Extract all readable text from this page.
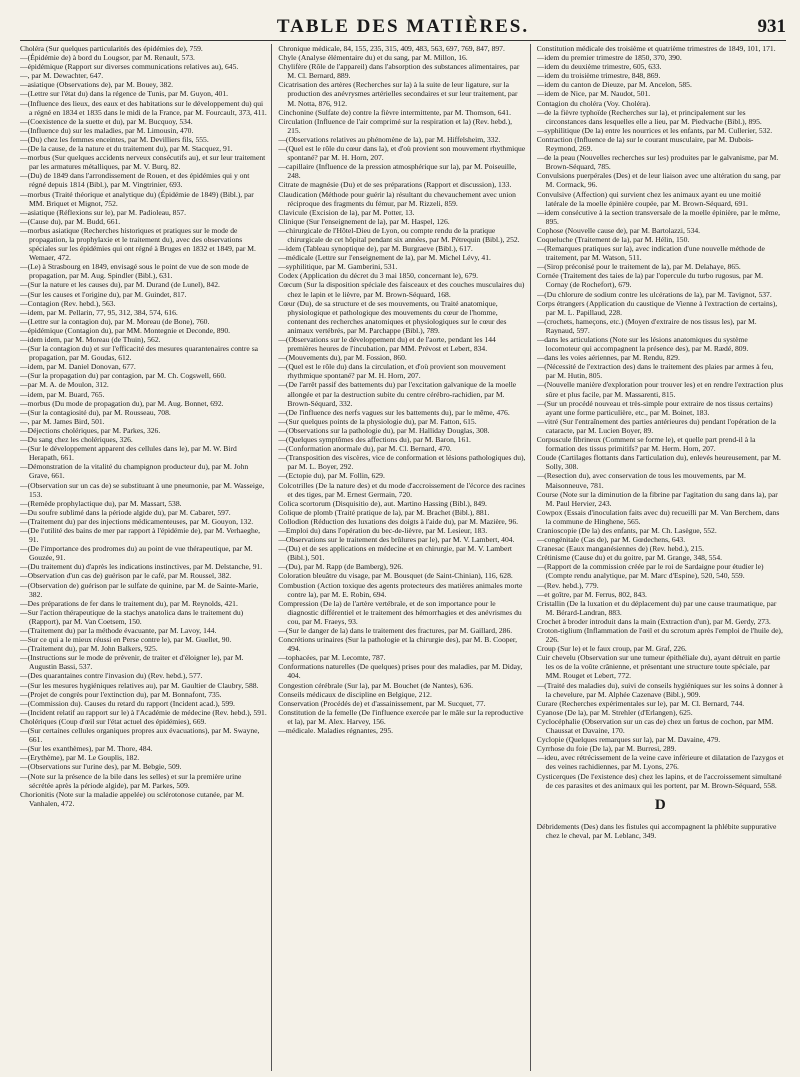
TABLE DES MATIÈRES.	931

Choléra (Sur quelques particularités des épidémies de), 759.

—(Épidémie de) à bord du Lougsor, par M. Renault, 573.

—épidémique (Rapport sur diverses communications relatives au), 645.

—, par M. Dewachter, 647.

—asiatique (Observations de), par M. Bouey, 382.

—(Lettre sur l'état du) dans la régence de Tunis, par M. Guyon, 401.

—(Influence des lieux, des eaux et des habitations sur le développement du) qui a régné en 1834 et 1835 dans le midi de la France, par M. Fourcault, 373, 411.

—(Coexistence de la suette et du), par M. Bucquoy, 534.

—(Influence du) sur les maladies, par M. Limousin, 470.

—(Du) chez les femmes enceintes, par M. Devilliers fils, 555.

—(De la cause, de la nature et du traitement du), par M. Stacquez, 91.

—morbus (Sur quelques accidents nerveux consécutifs au), et sur leur traitement par les armatures métalliques, par M. V. Burq, 82.

—(Du) de 1849 dans l'arrondissement de Rouen, et des épidémies qui y ont régné depuis 1814 (Bibl.), par M. Vingtrinier, 693.

—morbus (Traité théorique et analytique du) (Épidémie de 1849) (Bibl.), par MM. Briquet et Mignot, 752.

—asiatique (Réflexions sur le), par M. Padioleau, 857.

—(Cause du), par M. Budd, 661.

—morbus asiatique (Recherches historiques et pratiques sur le mode de propagation, la prophylaxie et le traitement du), avec des observations spéciales sur les épidémies qui ont régné à Bruges en 1832 et 1849, par M. Wemaer, 472.

—(Le) à Strasbourg en 1849, envisagé sous le point de vue de son mode de propagation, par M. Aug. Spindler (Bibl.), 631.

—(Sur la nature et les causes du), par M. Durand (de Lunel), 842.

—(Sur les causes et l'origine du), par M. Guindet, 817.

—Contagion (Rev. hebd.), 563.

—idem, par M. Pellarin, 77, 95, 312, 384, 574, 616.

—(Lettre sur la contagion du), par M. Moreau (de Bone), 760.

—épidémique (Contagion du), par MM. Montegnie et Deconde, 890.

—idem idem, par M. Moreau (de Thuin), 562.

—(Sur la contagion du) et sur l'efficacité des mesures quarantenaires contre sa propagation, par M. Goudas, 612.

—idem, par M. Daniel Donovan, 677.

—(Sur la propagation du) par contagion, par M. Ch. Cogswell, 660.

—par M. A. de Moulon, 312.

—idem, par M. Buard, 765.

—morbus (Du mode de propagation du), par M. Aug. Bonnet, 692.

—(Sur la contagiosité du), par M. Rousseau, 708.

—, par M. James Bird, 501.

—Déjections cholériques, par M. Parkes, 326.

—Du sang chez les cholériques, 326.

—(Sur le développement apparent des cellules dans le), par M. W. Bird Herapath, 661.

—Démonstration de la vitalité du champignon producteur du), par M. John Grave, 661.

—(Observation sur un cas de) se substituant à une pneumonie, par M. Wasseige, 153.

—(Remède prophylactique du), par M. Massart, 538.

—Du soufre sublimé dans la période algide du), par M. Cabaret, 597.

—(Traitement du) par des injections médicamenteuses, par M. Gouyon, 132.

—(De l'utilité des bains de mer par rapport à l'épidémie de), par M. Verhaeghe, 91.

—(De l'importance des prodromes du) au point de vue thérapeutique, par M. Gouzée, 91.

—(Du traitement du) d'après les indications instinctives, par M. Delstanche, 91.

—Observation d'un cas de) guérison par le café, par M. Roussel, 382.

—(Observation de) guérison par le sulfate de quinine, par M. de Sainte-Marie, 382.

—Des préparations de fer dans le traitement du), par M. Reynolds, 421.

—Sur l'action thérapeutique de la stachys anatolica dans le traitement du) (Rapport), par M. Van Coetsem, 150.

—(Traitement du) par la méthode évacuante, par M. Lavoy, 144.

—Sur ce qui a le mieux réussi en Perse contre le), par M. Guellet, 90.

—(Traitement du), par M. John Balkers, 925.

—(Instructions sur le mode de prévenir, de traiter et d'éloigner le), par M. Augustin Bassi, 537.

—(Des quarantaines contre l'invasion du) (Rev. hebd.), 577.

—(Sur les mesures hygiéniques relatives au), par M. Gaultier de Claubry, 588.

—(Projet de congrès pour l'extinction du), par M. Bonnafont, 735.

—(Commission du). Causes du retard du rapport (Incident acad.), 599.

—(Incident relatif au rapport sur le) à l'Académie de médecine (Rev. hebd.), 591.

Cholériques (Coup d'œil sur l'état actuel des épidémies), 669.

—(Sur certaines cellules organiques propres aux évacuations), par M. Swayne, 661.

—(Sur les exanthèmes), par M. Thore, 484.

—(Erythème), par M. Le Gouplis, 182.

—(Observations sur l'urine des), par M. Bebgie, 509.

—(Note sur la présence de la bile dans les selles) et sur la première urine sécrétée après la période algide), par M. Parkes, 509.

Chorionitis (Note sur la maladie appelée) ou sclérotonose cutanée, par M. Vanhalen, 472.

Chronique médicale, 84, 155, 235, 315, 409, 483, 563, 697, 769, 847, 897.

Chyle (Analyse élémentaire du) et du sang, par M. Millon, 16.

Chylifère (Rôle de l'appareil) dans l'absorption des substances alimentaires, par M. Cl. Bernard, 889.

Cicatrisation des artères (Recherches sur la) à la suite de leur ligature, sur la production des anévrysmes artérielles secondaires et sur leur traitement, par M. Notta, 876, 912.

Cinchonine (Sulfate de) contre la fièvre intermittente, par M. Thomson, 641.

Circulation (Influence de l'air comprimé sur la respiration et la) (Rev. hebd.), 215.

—(Observations relatives au phénomène de la), par M. Hiffelsheim, 332.

—(Quel est le rôle du cœur dans la), et d'où provient son mouvement rhythmique spontané? par M. H. Horn, 207.

—capillaire (Influence de la pression atmosphérique sur la), par M. Poiseuille, 248.

Citrate de magnésie (Du) et de ses préparations (Rapport et discussion), 133.

Claudication (Méthode pour guérir la) résultant du chevauchement avec union réciproque des fragments du fémur, par M. Rizzeli, 859.

Clavicule (Excision de la), par M. Potter, 13.

Clinique (Sur l'enseignement de la), par M. Haspel, 126.

—chirurgicale de l'Hôtel-Dieu de Lyon, ou compte rendu de la pratique chirurgicale de cet hôpital pendant six années, par M. Pétrequin (Bibl.), 252.

—idem (Tableau synoptique de), par M. Burgraeve (Bibl.), 617.

—médicale (Lettre sur l'enseignement de la), par M. Michel Lévy, 41.

—syphilitique, par M. Gamberini, 531.

Codex (Application du décret du 3 mai 1850, concernant le), 679.

Cœcum (Sur la disposition spéciale des faisceaux et des couches musculaires du) chez le lapin et le lièvre, par M. Brown-Séquard, 168.

Cœur (Du), de sa structure et de ses mouvements, ou Traité anatomique, physiologique et pathologique des mouvements du cœur de l'homme, contenant des recherches anatomiques et physiologiques sur le cœur des animaux vertébrés, par M. Parchappe (Bibl.), 789.

—(Observations sur le développement du) et de l'aorte, pendant les 144 premières heures de l'incubation, par MM. Prévost et Lebert, 834.

—(Mouvements du), par M. Fossion, 860.

—(Quel est le rôle du) dans la circulation, et d'où provient son mouvement rhythmique spontané? par M. H. Horn, 207.

—(De l'arrêt passif des battements du) par l'excitation galvanique de la moelle allongée et par la destruction subite du centre cérébro-rachidien, par M. Brown-Séquard, 332.

—(De l'influence des nerfs vagues sur les battements du), par le même, 476.

—(Sur quelques points de la physiologie du), par M. Fatton, 615.

—(Observations sur la pathologie du), par M. Halliday Douglas, 308.

—(Quelques symptômes des affections du), par M. Baron, 161.

—(Conformation anormale du), par M. Cl. Bernard, 470.

—(Transposition des viscères, vice de conformation et lésions pathologiques du), par M. L. Boyer, 292.

—(Ectopie du), par M. Follin, 629.

Colcotrilles (De la nature des) et du mode d'accroissement de l'écorce des racines et des tiges, par M. Ernest Germain, 720.

Colica scortorum (Disquisitio de), aut. Martino Hassing (Bibl.), 849.

Colique de plomb (Traité pratique de la), par M. Brachet (Bibl.), 881.

Collodion (Réduction des luxations des doigts à l'aide du), par M. Mazière, 96.

—Emploi du) dans l'opération du bec-de-lièvre, par M. Lesieur, 183.

—Observations sur le traitement des brûlures par le), par M. V. Lambert, 404.

—(Du) et de ses applications en médecine et en chirurgie, par M. V. Lambert (Bibl.), 501.

—(Du), par M. Rapp (de Bamberg), 926.

Coloration bleuâtre du visage, par M. Bousquet (de Saint-Chinian), 116, 628.

Combustion (Action toxique des agents protecteurs des matières animales morte contre la), par M. E. Robin, 694.

Compression (De la) de l'artère vertébrale, et de son importance pour le diagnostic différentiel et le traitement des hémorrhagies et des anévrismes du cou, par M. Fraeys, 93.

—(Sur le danger de la) dans le traitement des fractures, par M. Gaillard, 286.

Concrétions urinaires (Sur la pathologie et la chirurgie des), par M. B. Cooper, 494.

—tophacées, par M. Lecomte, 787.

Conformations naturelles (De quelques) prises pour des maladies, par M. Diday, 404.

Congestion cérébrale (Sur la), par M. Bouchet (de Nantes), 636.

Conseils médicaux de discipline en Belgique, 212.

Conservation (Procédés de) et d'assainissement, par M. Sucquet, 77.

Constitution de la femelle (De l'influence exercée par le mâle sur la reproductive et la), par M. Alex. Harvey, 156.

—médicale. Maladies régnantes, 295.

Constitution médicale des troisième et quatrième trimestres de 1849, 101, 171.

—idem du premier trimestre de 1850, 370, 390.

—idem du deuxième trimestre, 605, 633.

—idem du troisième trimestre, 848, 869.

—idem du canton de Dieuze, par M. Ancelon, 585.

—idem de Nice, par M. Naudot, 501.

Contagion du choléra (Voy. Choléra).

—de la fièvre typhoïde (Recherches sur la), et principalement sur les circonstances dans lesquelles elle a lieu, par M. Piedvache (Bibl.), 895.

—syphilitique (De la) entre les nourrices et les enfants, par M. Cullerier, 532.

Contraction (Influence de la) sur le courant musculaire, par M. Dubois-Reymond, 269.

—de la peau (Nouvelles recherches sur les) produites par le galvanisme, par M. Brown-Séquard, 785.

Convulsions puerpérales (Des) et de leur liaison avec une altération du sang, par M. Cormack, 96.

Convulsive (Affection) qui survient chez les animaux ayant eu une moitié latérale de la moelle épinière coupée, par M. Brown-Séquard, 691.

—idem consécutive à la section transversale de la moelle épinière, par le même, 895.

Cophose (Nouvelle cause de), par M. Bartolazzi, 534.

Coqueluche (Traitement de la), par M. Hélin, 150.

—(Remarques pratiques sur la), avec indication d'une nouvelle méthode de traitement, par M. Watson, 511.

—(Sirop préconisé pour le traitement de la), par M. Delahaye, 865.

Cornée (Traitement des taies de la) par l'opercule du turbo rugosus, par M. Cornay (de Rochefort), 679.

—(Du chlorure de sodium contre les ulcérations de la), par M. Tavignot, 537.

Corps étrangers (Application du caustique de Vienne à l'extraction de certains), par M. L. Papillaud, 228.

—(crochets, hameçons, etc.) (Moyen d'extraire de nos tissus les), par M. Raynaud, 597.

—dans les articulations (Note sur les lésions anatomiques du système locomoteur qui accompagnent la présence des), par M. Rædé, 809.

—dans les voies aériennes, par M. Rendu, 829.

—(Nécessité de l'extraction des) dans le traitement des plaies par armes à feu, par M. Hutin, 805.

—(Nouvelle manière d'exploration pour trouver les) et en rendre l'extraction plus sûre et plus facile, par M. Massarenti, 815.

—(Sur un procédé nouveau et très-simple pour extraire de nos tissus certains) ayant une forme particulière, etc., par M. Boinet, 183.

—vitré (Sur l'entraînement des parties antérieures du) pendant l'opération de la cataracte, par M. Lucien Boyer, 89.

Corpuscule fibrineux (Comment se forme le), et quelle part prend-il à la formation des tissus primitifs? par M. Herm. Horn, 207.

Coude (Cartilages flottants dans l'articulation du), enlevés heureusement, par M. Solly, 308.

—(Resection du), avec conservation de tous les mouvements, par M. Maisonneuve, 781.

Course (Note sur la diminution de la fibrine par l'agitation du sang dans la), par M. Paul Hervier, 243.

Cowpox (Essais d'inoculation faits avec du) recueilli par M. Van Berchem, dans la commune de Hinghene, 565.

Cranioscopie (De la) des enfants, par M. Ch. Lasègue, 552.

—congénitale (Cas de), par M. Gœdechens, 643.

Cranesac (Eaux manganésiennes de) (Rev. hebd.), 215.

Crétinisme (Cause du) et du goitre, par M. Grange, 348, 554.

—(Rapport de la commission créée par le roi de Sardaigne pour étudier le) (Compte rendu analytique, par M. Marc d'Espine), 520, 540, 559.

—(Rev. hebd.), 779.

—et goître, par M. Ferrus, 802, 843.

Cristallin (De la luxation et du déplacement du) par une cause traumatique, par M. Bérard-Landran, 883.

Crochet à broder introduit dans la main (Extraction d'un), par M. Gerdy, 273.

Croton-tiglium (Inflammation de l'œil et du scrotum après l'emploi de l'huile de), 226.

Croup (Sur le) et le faux croup, par M. Graf, 226.

Cuir chevelu (Observation sur une tumeur épithéliale du), ayant détruit en partie les os de la voûte crânienne, et présentant une structure toute spéciale, par MM. Rouget et Lebert, 772.

—(Traité des maladies du), suivi de conseils hygiéniques sur les soins à donner à la chevelure, par M. Alphée Cazenave (Bibl.), 909.

Curare (Recherches expérimentales sur le), par M. Cl. Bernard, 744.

Cyanose (De la), par M. Strehler (d'Erlangen), 625.

Cyclocéphalie (Observation sur un cas de) chez un fœtus de cochon, par MM. Chaussat et Davaine, 170.

Cyclopie (Quelques remarques sur la), par M. Davaine, 479.

Cyrrhose du foie (De la), par M. Burresi, 289.

—ideu, avec rétrécissement de la veine cave inférieure et dilatation de l'azygos et des veines rachidiennes, par M. Lyons, 276.

Cysticerques (De l'existence des) chez les lapins, et de l'accroissement simultané de ces parasites et des animaux qui les portent, par M. Brown-Séquard, 558.

D

Débridements (Des) dans les fistules qui accompagnent la phlébite suppurative chez le cheval, par M. Leblanc, 349.
